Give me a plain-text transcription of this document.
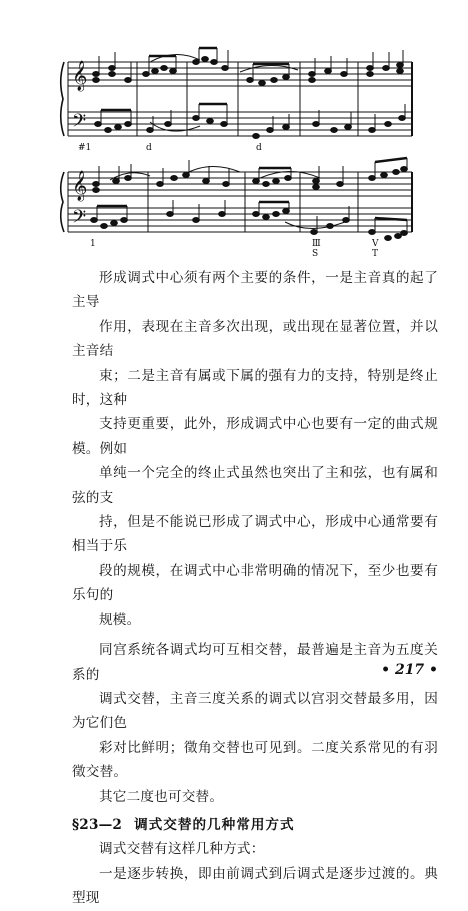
𝄞
𝄢
𝄞
𝄢
#1	d	d
1	Ⅲ
S
Ⅴ
T

形成调式中心须有两个主要的条件，一是主音真的起了主导
作用，表现在主音多次出现，或出现在显著位置，并以主音结
束；二是主音有属或下属的强有力的支持，特别是终止时，这种
支持更重要，此外，形成调式中心也要有一定的曲式规模。例如
单纯一个完全的终止式虽然也突出了主和弦，也有属和弦的支
持，但是不能说已形成了调式中心，形成中心通常要有相当于乐
段的规模，在调式中心非常明确的情况下，至少也要有乐句的
规模。

同宫系统各调式均可互相交替，最普遍是主音为五度关系的
调式交替，主音三度关系的调式以宫羽交替最多用，因为它们色
彩对比鲜明；徵角交替也可见到。二度关系常见的有羽徵交替。
其它二度也可交替。

§23—2 调式交替的几种常用方式

调式交替有这样几种方式：

一是逐步转换，即由前调式到后调式是逐步过渡的。典型现

• 217 •
